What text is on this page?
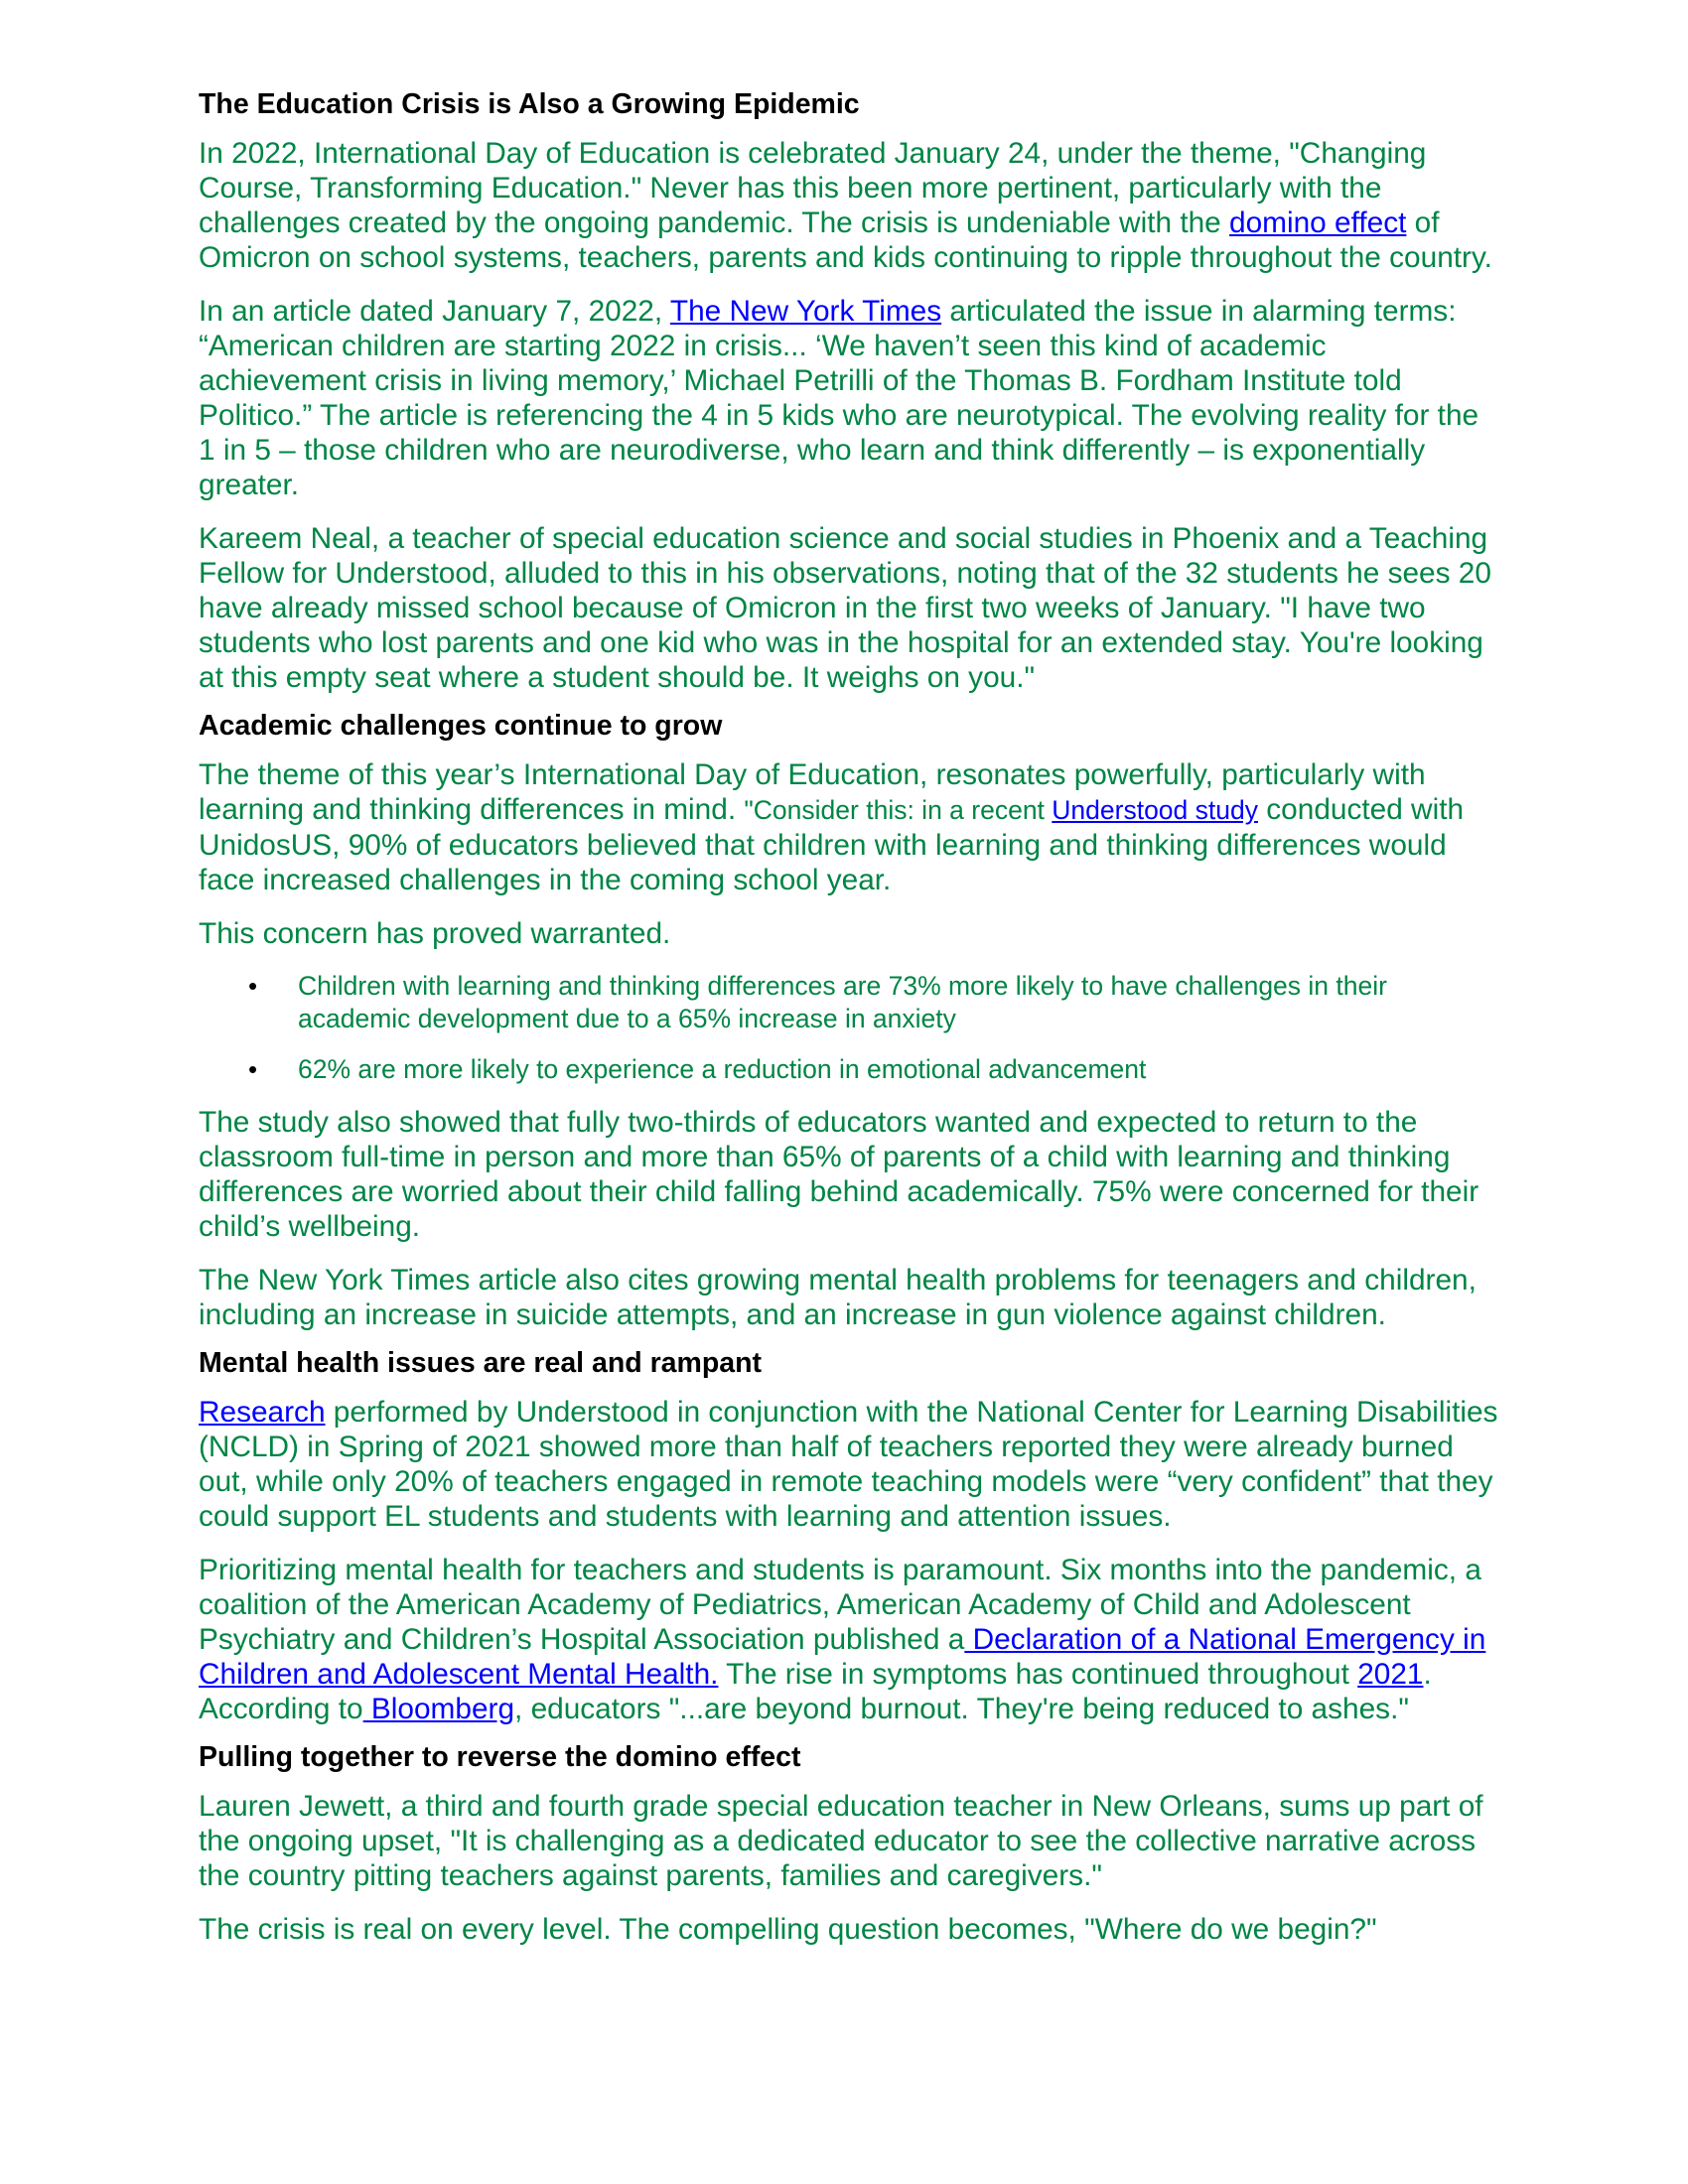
The Education Crisis is Also a Growing Epidemic

In 2022, International Day of Education is celebrated January 24, under the theme, "Changing Course, Transforming Education." Never has this been more pertinent, particularly with the challenges created by the ongoing pandemic. The crisis is undeniable with the domino effect of Omicron on school systems, teachers, parents and kids continuing to ripple throughout the country.

In an article dated January 7, 2022, The New York Times articulated the issue in alarming terms: “American children are starting 2022 in crisis... ‘We haven’t seen this kind of academic achievement crisis in living memory,’ Michael Petrilli of the Thomas B. Fordham Institute told Politico.” The article is referencing the 4 in 5 kids who are neurotypical. The evolving reality for the 1 in 5 – those children who are neurodiverse, who learn and think differently – is exponentially greater.

Kareem Neal, a teacher of special education science and social studies in Phoenix and a Teaching Fellow for Understood, alluded to this in his observations, noting that of the 32 students he sees 20 have already missed school because of Omicron in the first two weeks of January. "I have two students who lost parents and one kid who was in the hospital for an extended stay. You're looking at this empty seat where a student should be. It weighs on you."

Academic challenges continue to grow

The theme of this year’s International Day of Education, resonates powerfully, particularly with learning and thinking differences in mind. "Consider this: in a recent Understood study conducted with UnidosUS, 90% of educators believed that children with learning and thinking differences would face increased challenges in the coming school year.

This concern has proved warranted.

• Children with learning and thinking differences are 73% more likely to have challenges in their academic development due to a 65% increase in anxiety
• 62% are more likely to experience a reduction in emotional advancement

The study also showed that fully two-thirds of educators wanted and expected to return to the classroom full-time in person and more than 65% of parents of a child with learning and thinking differences are worried about their child falling behind academically. 75% were concerned for their child’s wellbeing.

The New York Times article also cites growing mental health problems for teenagers and children, including an increase in suicide attempts, and an increase in gun violence against children.

Mental health issues are real and rampant

Research performed by Understood in conjunction with the National Center for Learning Disabilities (NCLD) in Spring of 2021 showed more than half of teachers reported they were already burned out, while only 20% of teachers engaged in remote teaching models were “very confident” that they could support EL students and students with learning and attention issues.

Prioritizing mental health for teachers and students is paramount. Six months into the pandemic, a coalition of the American Academy of Pediatrics, American Academy of Child and Adolescent Psychiatry and Children’s Hospital Association published a Declaration of a National Emergency in Children and Adolescent Mental Health. The rise in symptoms has continued throughout 2021. According to Bloomberg, educators "...are beyond burnout. They're being reduced to ashes."

Pulling together to reverse the domino effect

Lauren Jewett, a third and fourth grade special education teacher in New Orleans, sums up part of the ongoing upset, "It is challenging as a dedicated educator to see the collective narrative across the country pitting teachers against parents, families and caregivers."

The crisis is real on every level. The compelling question becomes, "Where do we begin?"
